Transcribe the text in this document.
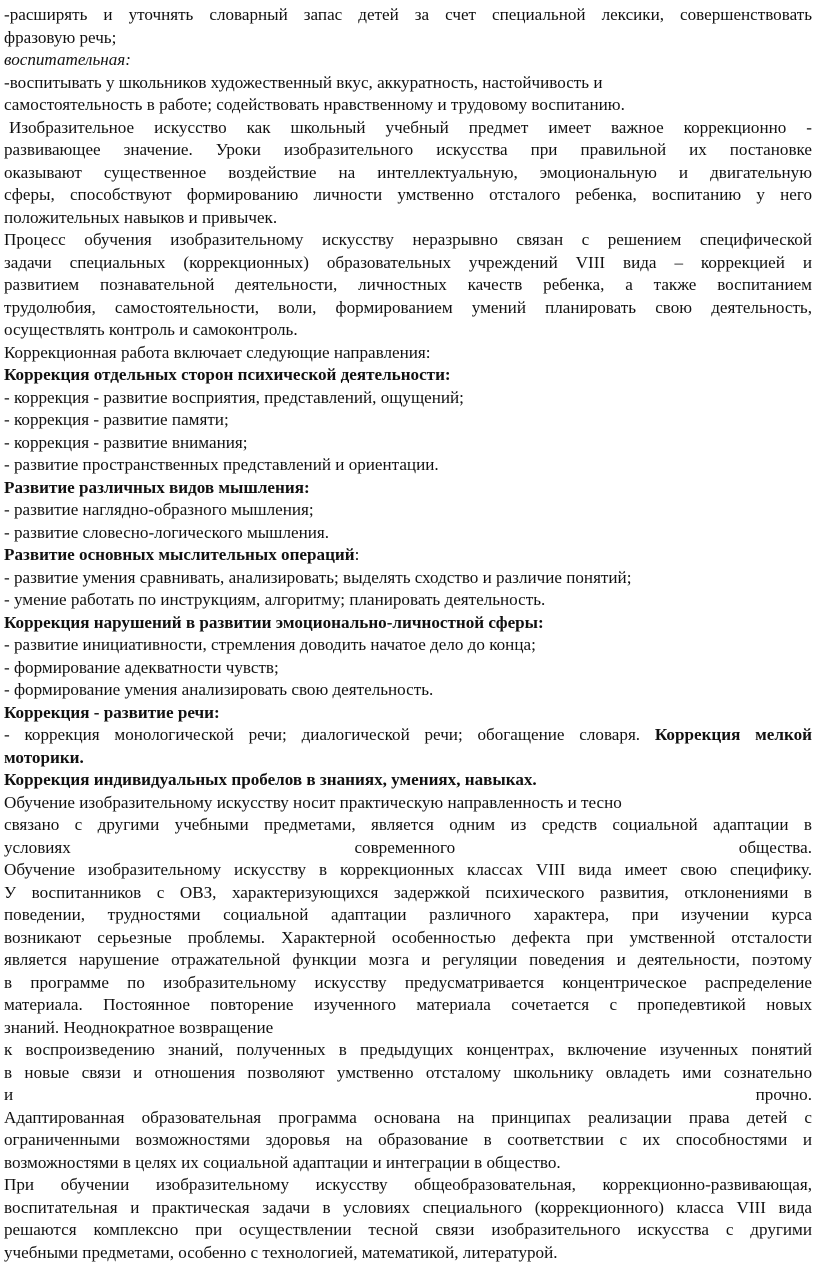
-расширять и уточнять словарный запас детей за счет специальной лексики, совершенствовать
фразовую речь;
воспитательная:
-воспитывать у школьников художественный вкус, аккуратность, настойчивость и
самостоятельность в работе; содействовать нравственному и трудовому воспитанию.
Изобразительное искусство как школьный учебный предмет имеет важное коррекционно -
развивающее значение. Уроки изобразительного искусства при правильной их постановке
оказывают существенное воздействие на интеллектуальную, эмоциональную и двигательную
сферы, способствуют формированию личности умственно отсталого ребенка, воспитанию у него
положительных навыков и привычек.
Процесс обучения изобразительному искусству неразрывно связан с решением специфической
задачи специальных (коррекционных) образовательных учреждений VIII вида – коррекцией и
развитием познавательной деятельности, личностных качеств ребенка, а также воспитанием
трудолюбия, самостоятельности, воли, формированием умений планировать свою деятельность,
осуществлять контроль и самоконтроль.
Коррекционная работа включает следующие направления:
Коррекция отдельных сторон психической деятельности:
- коррекция - развитие восприятия, представлений, ощущений;
- коррекция - развитие памяти;
- коррекция - развитие внимания;
- развитие пространственных представлений и ориентации.
Развитие различных видов мышления:
- развитие наглядно-образного мышления;
- развитие словесно-логического мышления.
Развитие основных мыслительных операций:
- развитие умения сравнивать, анализировать; выделять сходство и различие понятий;
- умение работать по инструкциям, алгоритму; планировать деятельность.
Коррекция нарушений в развитии эмоционально-личностной сферы:
- развитие инициативности, стремления доводить начатое дело до конца;
- формирование адекватности чувств;
- формирование умения анализировать свою деятельность.
Коррекция - развитие речи:
- коррекция монологической речи; диалогической речи; обогащение словаря. Коррекция мелкой
моторики.
Коррекция индивидуальных пробелов в знаниях, умениях, навыках.
Обучение изобразительному искусству носит практическую направленность и тесно
связано с другими учебными предметами, является одним из средств социальной адаптации в
условиях современного общества.
Обучение изобразительному искусству в коррекционных классах VIII вида имеет свою специфику.
У воспитанников с ОВЗ, характеризующихся задержкой психического развития, отклонениями в
поведении, трудностями социальной адаптации различного характера, при изучении курса
возникают серьезные проблемы. Характерной особенностью дефекта при умственной отсталости
является нарушение отражательной функции мозга и регуляции поведения и деятельности, поэтому
в программе по изобразительному искусству предусматривается концентрическое распределение
материала. Постоянное повторение изученного материала сочетается с пропедевтикой новых
знаний. Неоднократное возвращение
к воспроизведению знаний, полученных в предыдущих концентрах, включение изученных понятий
в новые связи и отношения позволяют умственно отсталому школьнику овладеть ими сознательно
и прочно.
Адаптированная образовательная программа основана на принципах реализации права детей с
ограниченными возможностями здоровья на образование в соответствии с их способностями и
возможностями в целях их социальной адаптации и интеграции в общество.
При обучении изобразительному искусству общеобразовательная, коррекционно-развивающая,
воспитательная и практическая задачи в условиях специального (коррекционного) класса VIII вида
решаются комплексно при осуществлении тесной связи изобразительного искусства с другими
учебными предметами, особенно с технологией, математикой, литературой.
